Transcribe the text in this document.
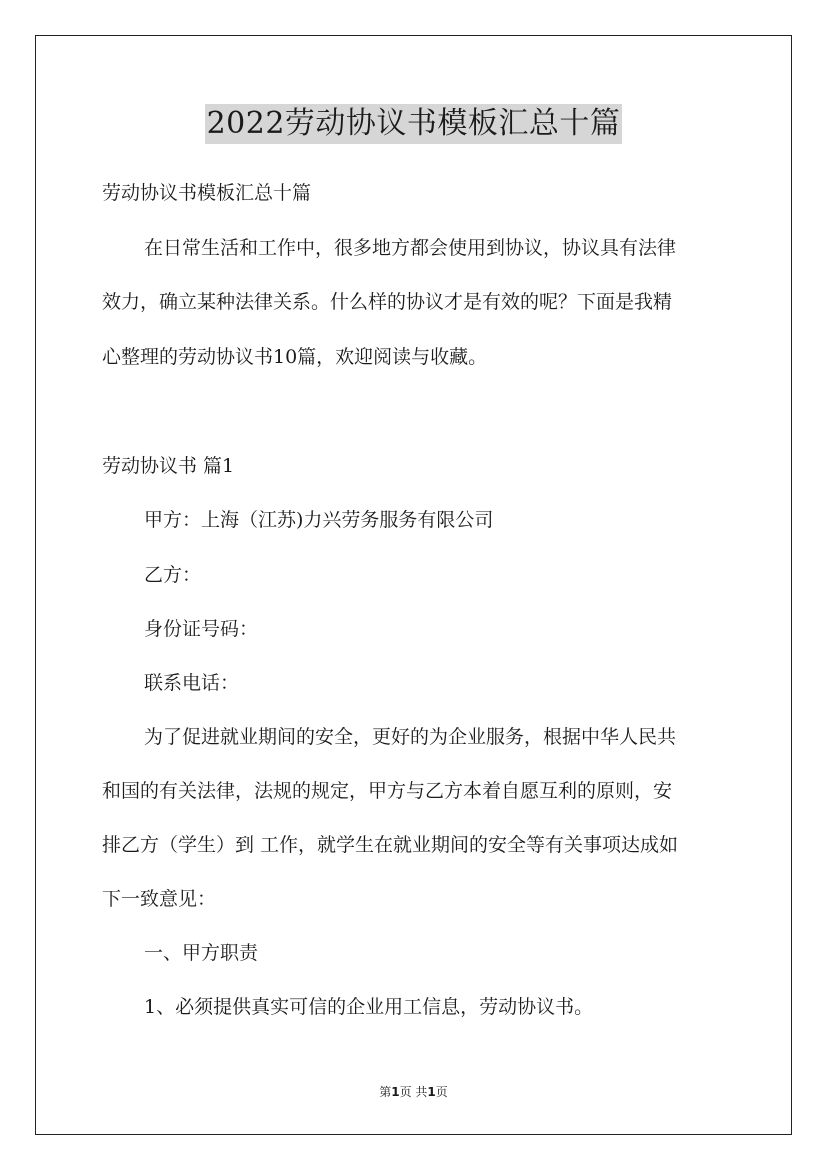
2022劳动协议书模板汇总十篇
劳动协议书模板汇总十篇
在日常生活和工作中，很多地方都会使用到协议，协议具有法律
效力，确立某种法律关系。什么样的协议才是有效的呢？下面是我精
心整理的劳动协议书10篇，欢迎阅读与收藏。
劳动协议书 篇1
甲方：上海（江苏)力兴劳务服务有限公司
乙方：
身份证号码：
联系电话：
为了促进就业期间的安全，更好的为企业服务，根据中华人民共
和国的有关法律，法规的规定，甲方与乙方本着自愿互利的原则，安
排乙方（学生）到 工作，就学生在就业期间的安全等有关事项达成如
下一致意见：
一、甲方职责
1、必须提供真实可信的企业用工信息，劳动协议书。
第1页 共1页
